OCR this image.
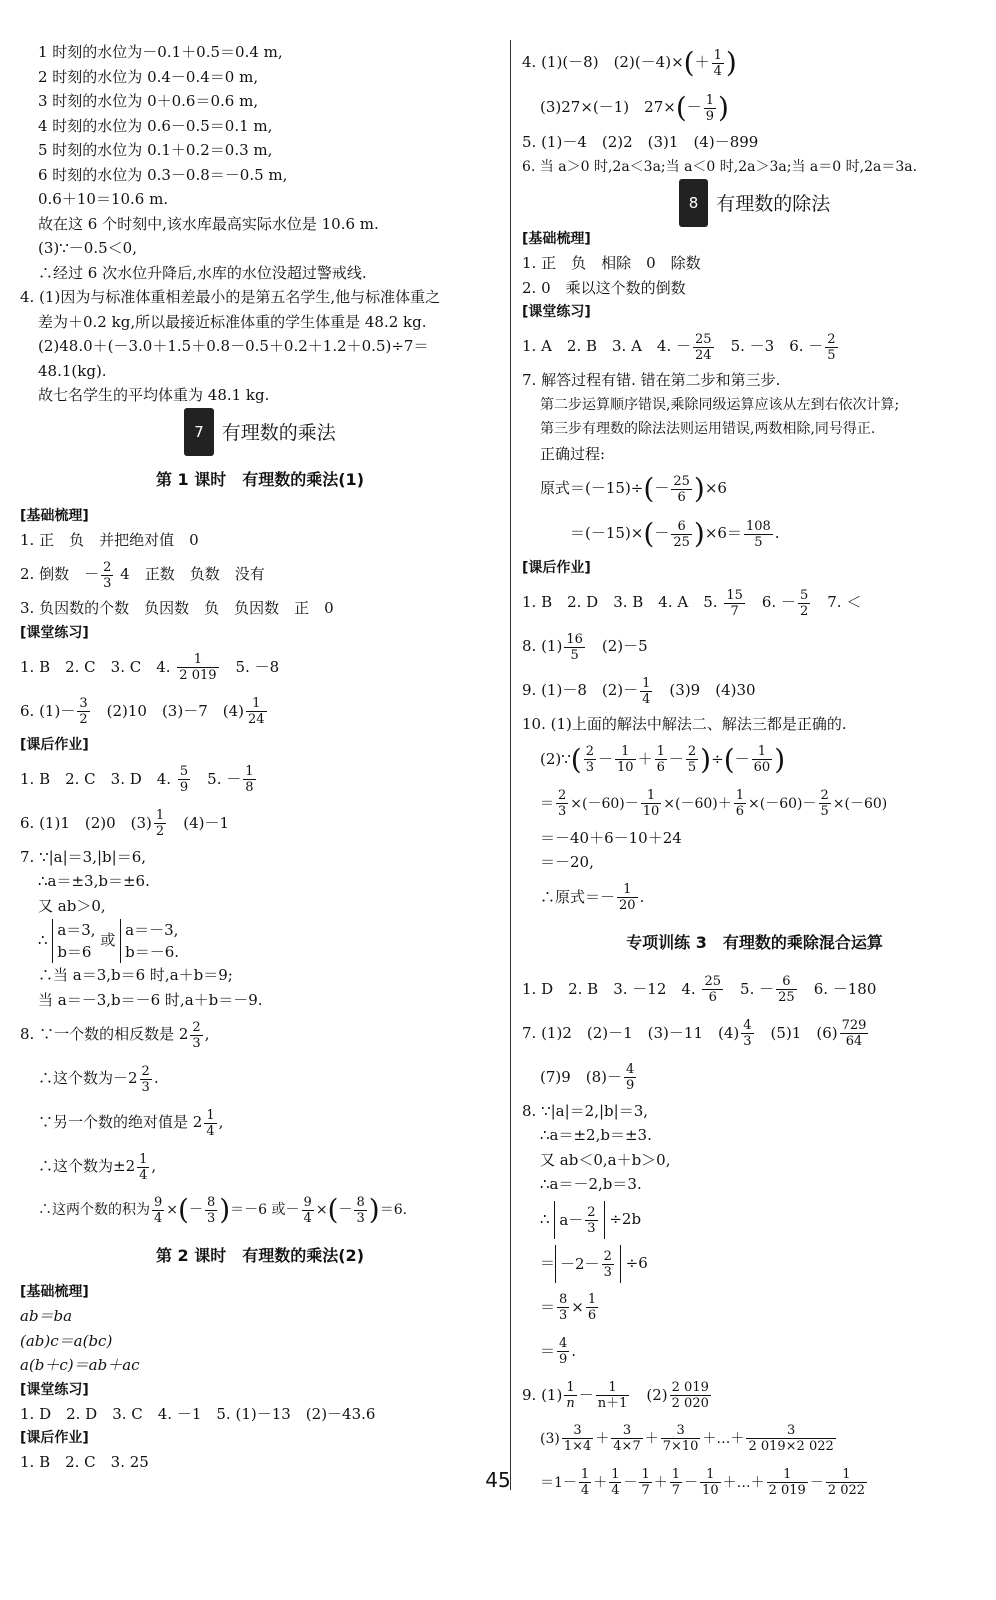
1 时刻的水位为－0.1＋0.5＝0.4 m,
2 时刻的水位为 0.4－0.4＝0 m,
3 时刻的水位为 0＋0.6＝0.6 m,
4 时刻的水位为 0.6－0.5＝0.1 m,
5 时刻的水位为 0.1＋0.2＝0.3 m,
6 时刻的水位为 0.3－0.8＝－0.5 m,
0.6＋10＝10.6 m.
故在这 6 个时刻中,该水库最高实际水位是 10.6 m.
(3)∵－0.5＜0,
∴经过 6 次水位升降后,水库的水位没超过警戒线.
4. (1)因为与标准体重相差最小的是第五名学生,他与标准体重之
差为＋0.2 kg,所以最接近标准体重的学生体重是 48.2 kg.
(2)48.0＋(－3.0＋1.5＋0.8－0.5＋0.2＋1.2＋0.5)÷7＝
48.1(kg).
故七名学生的平均体重为 48.1 kg.
7 有理数的乘法
第 1 课时　有理数的乘法(1)
[基础梳理]
1. 正　负　并把绝对值　0
2. 倒数　－ $\frac{2}{3} 4$　正数　负数　没有
3. 负因数的个数　负因数　负　负因数　正　0
[课堂练习]
1. B　2. C　3. C　4. $\frac{1}{2 019}$
　 5. －8
6. $(1)- \frac{3}{2}$
　 (2)10　(3)－7　$(4) \frac{1}{24}$
[课后作业]
1. B　2. C　3. D　4. $\frac{5}{9}$
　 5. － $\frac{1}{8}$
6. (1)1　(2)0　$(3) \frac{1}{2}$
　 (4)－1
7. ∵|a|＝3,|b|＝6,
∴a＝±3,b＝±6.
又 ab＞0,
∴ a＝3,
b＝6 或 a＝－3,
b＝－6.
∴当 a＝3,b＝6 时,a＋b＝9;
当 a＝－3,b＝－6 时,a＋b＝－9.
8. ∵一个数的相反数是 $2 \frac{2}{3}$ ,
∴这个数为$-2 \frac{2}{3}$ .
∵另一个数的绝对值是 $2 \frac{1}{4}$ ,
∴这个数为$\pm 2 \frac{1}{4}$ ,
∴这两个数的积为 $\frac{9}{4}$ ×(－ $\frac{8}{3} )=-6$ 或－ $\frac{9}{4}$ ×(－ $\frac{8}{3} )=6$.
第 2 课时　有理数的乘法(2)
[基础梳理]
ab＝ba
(ab)c＝a(bc)
a(b＋c)＝ab＋ac
[课堂练习]
1. D　2. D　3. C　4. －1　5. (1)－13　(2)－43.6
[课后作业]
1. B　2. C　3. 25
4. (1)(－8)　$(2)(-4)\times(+ \frac{1}{4}$ )
(3)27×(－1)　$27\times(- \frac{1}{9}$ )
5. (1)－4　(2)2　(3)1　(4)－899
6. 当 a＞0 时,2a＜3a;当 a＜0 时,2a＞3a;当 a＝0 时,2a＝3a.
8 有理数的除法
[基础梳理]
1. 正　负　相除　0　除数
2. 0　乘以这个数的倒数
[课堂练习]
1. A　2. B　3. A　4. － $\frac{25}{24}$
　 5. －3　6. － $\frac{2}{5}$
7. 解答过程有错. 错在第二步和第三步.
第二步运算顺序错误,乘除同级运算应该从左到右依次计算;
第三步有理数的除法法则运用错误,两数相除,同号得正.
正确过程:
原式$=(-15)\div(- \frac{25}{6} )\times 6$
$=(-15)\times(- \frac{6}{25} )\times 6= \frac{108}{5}$ .
[课后作业]
1. B　2. D　3. B　4. A　5. $\frac{15}{7}$
　 6. － $\frac{5}{2}$
　 7. ＜
8. $(1) \frac{16}{5}$
　 (2)－5
9. (1)－8　$(2)- \frac{1}{4}$
　 (3)9　(4)30
10. (1)上面的解法中解法二、解法三都是正确的.
(2)∵( $\frac{2}{3} - \frac{1}{10} + \frac{1}{6} - \frac{2}{5}$ )÷(－ $\frac{1}{60}$ )
＝ $\frac{2}{3} \times(-60)- \frac{1}{10} \times(-60)+ \frac{1}{6} \times(-60)- \frac{2}{5} \times(-60)$
＝－40＋6－10＋24
＝－20,
∴原式＝－ $\frac{1}{20}$ .
专项训练 3　有理数的乘除混合运算
1. D　2. B　3. －12　4. $\frac{25}{6}$
　 5. － $\frac{6}{25}$
　 6. －180
7. (1)2　(2)－1　(3)－11　$(4) \frac{4}{3}$
　 (5)1　$(6) \frac{729}{64}$
(7)9　$(8)- \frac{4}{9}$
8. ∵|a|＝2,|b|＝3,
∴a＝±2,b＝±3.
又 ab＜0,a＋b＞0,
∴a＝－2,b＝3.
∴ $a- \frac{2}{3} \div 2b$
＝ $-2- \frac{2}{3} \div 6$
＝ $\frac{8}{3} \times \frac{1}{6}$
＝ $\frac{4}{9}$ .
9. $(1) \frac{1}{n} - \frac{1}{n+1}$
　 $(2) \frac{2 019}{2 020}$
$(3) \frac{3}{1\times 4} + \frac{3}{4\times 7} + \frac{3}{7\times 10}$ ＋…＋ $\frac{3}{2 019\times 2 022}$
$=1- \frac{1}{4} + \frac{1}{4} - \frac{1}{7} + \frac{1}{7} - \frac{1}{10}$ ＋…＋ $\frac{1}{2 019} - \frac{1}{2 022}$
45
